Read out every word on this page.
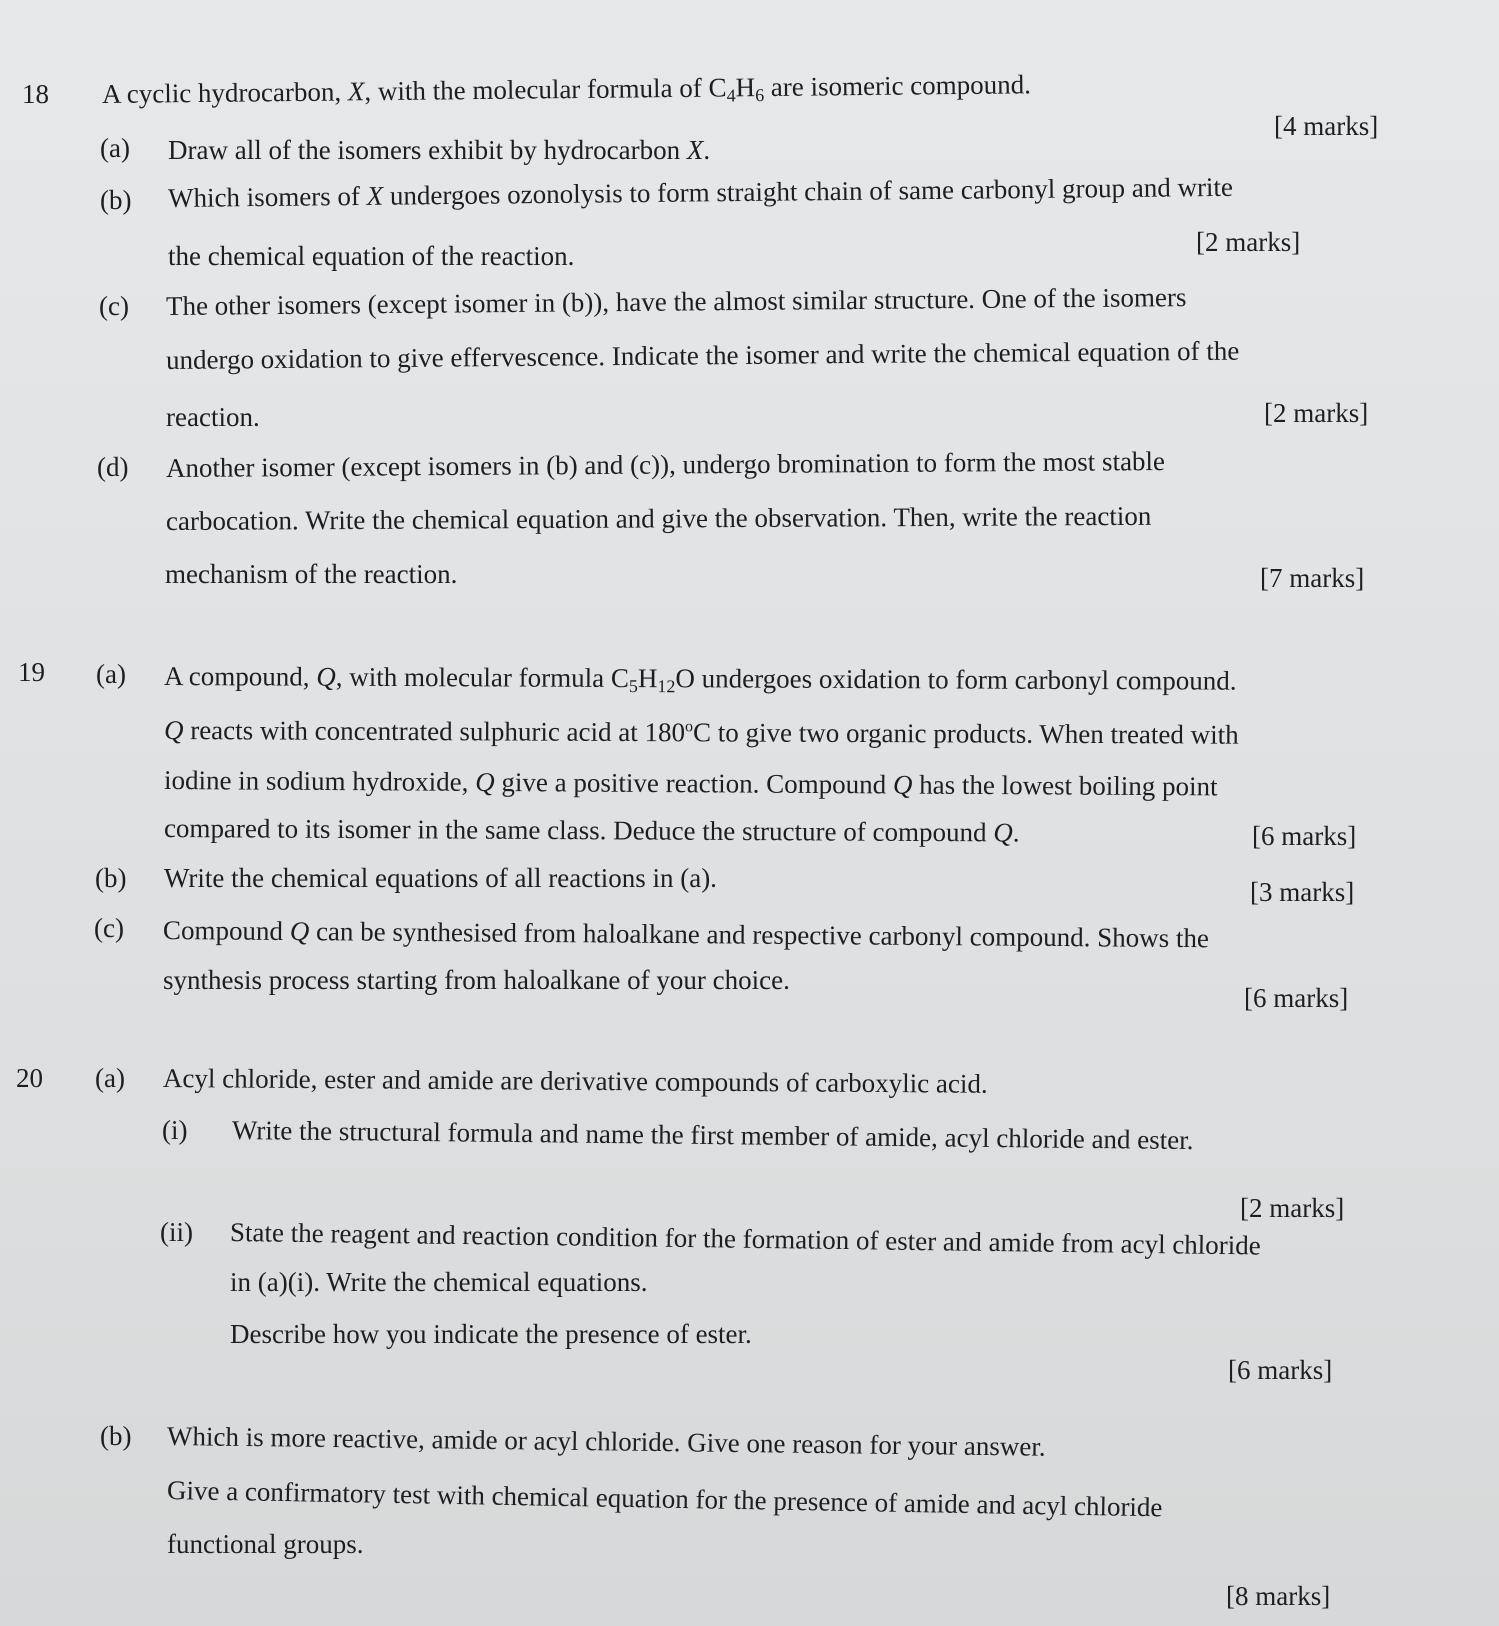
18 A cyclic hydrocarbon, X, with the molecular formula of $C_4H_6$ are isomeric compound.
(a) Draw all of the isomers exhibit by hydrocarbon X.
[4 marks]
(b) Which isomers of X undergoes ozonolysis to form straight chain of same carbonyl group and write
the chemical equation of the reaction.	[2 marks]
(c) The other isomers (except isomer in (b)), have the almost similar structure. One of the isomers
undergo oxidation to give effervescence. Indicate the isomer and write the chemical equation of the
reaction.	[2 marks]
(d) Another isomer (except isomers in (b) and (c)), undergo bromination to form the most stable
carbocation. Write the chemical equation and give the observation. Then, write the reaction
mechanism of the reaction.	[7 marks]
19 (a) A compound, Q, with molecular formula $C_5H_{12}O$ undergoes oxidation to form carbonyl compound.
Q reacts with concentrated sulphuric acid at 180$^o$C to give two organic products. When treated with
iodine in sodium hydroxide, Q give a positive reaction. Compound Q has the lowest boiling point
compared to its isomer in the same class. Deduce the structure of compound Q.	[6 marks]
(b) Write the chemical equations of all reactions in (a).	[3 marks]
(c) Compound Q can be synthesised from haloalkane and respective carbonyl compound. Shows the
synthesis process starting from haloalkane of your choice.
[6 marks]
20 (a) Acyl chloride, ester and amide are derivative compounds of carboxylic acid.
(i) Write the structural formula and name the first member of amide, acyl chloride and ester.
[2 marks]
(ii) State the reagent and reaction condition for the formation of ester and amide from acyl chloride
in (a)(i). Write the chemical equations.
Describe how you indicate the presence of ester.
[6 marks]
(b) Which is more reactive, amide or acyl chloride. Give one reason for your answer.
Give a confirmatory test with chemical equation for the presence of amide and acyl chloride
functional groups.
[8 marks]
